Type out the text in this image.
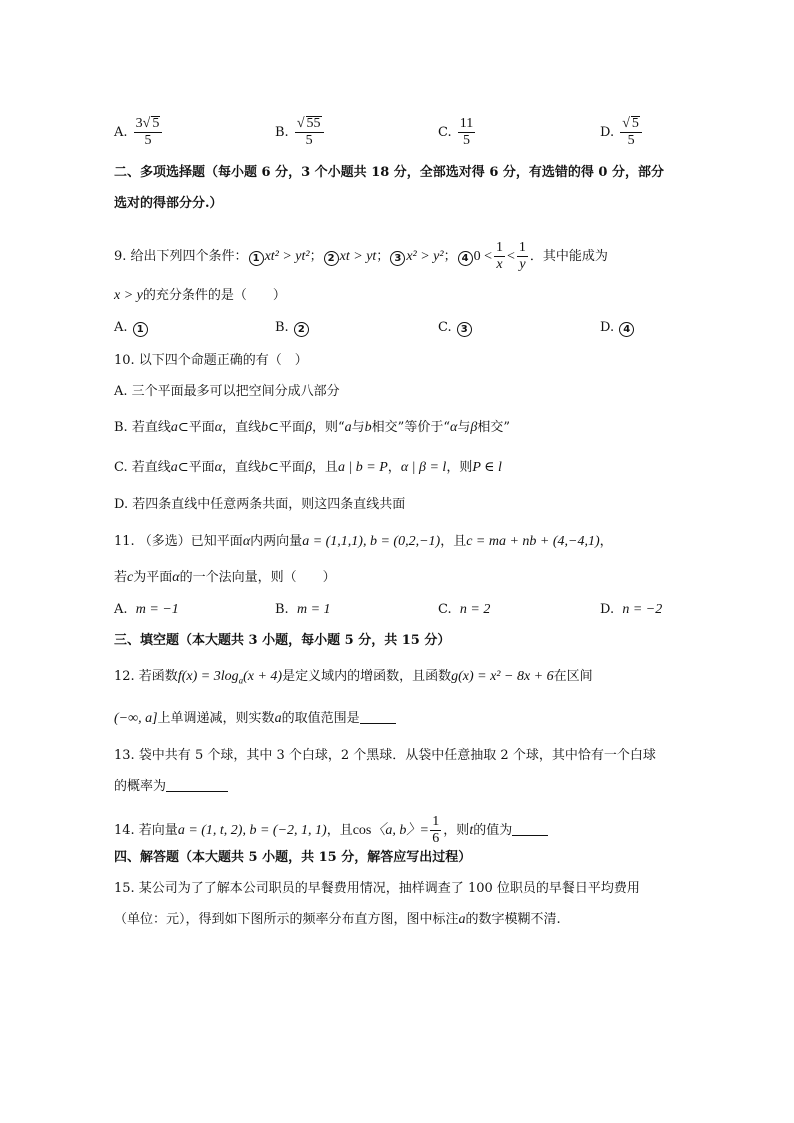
A. $\frac{3√ 5}{5}$	B. $\frac{√ 55}{5}$	C. $\frac{11}{5}$	D. $\frac{√ 5}{5}$
二、多项选择题（每小题 6 分，3 个小题共 18 分，全部选对得 6 分，有选错的得 0 分，部分
选对的得部分分.）
9. 给出下列四个条件： 1 xt² > yt²； 2 xt > yt； 3 x² > y²； 4 $0 < \frac{1}{x} < \frac{1}{y}$ ．其中能成为
x > y的充分条件的是（　　）
A. 1	B. 2	C. 3	D. 4
10. 以下四个命题正确的有（　）
A. 三个平面最多可以把空间分成八部分
B. 若直线a⊂平面α，直线b⊂平面β，则“a与b相交”等价于“α与β相交”
C. 若直线a⊂平面α，直线b⊂平面β，且a | b = P，α | β = l，则P ∈ l
D. 若四条直线中任意两条共面，则这四条直线共面
11. （多选）已知平面α内两向量a = (1,1,1), b = (0,2,−1)，且c = ma + nb + (4,−4,1)，
若c为平面α的一个法向量，则（　　）
A. m = −1	B. m = 1	C. n = 2	D. n = −2
三、填空题（本大题共 3 小题，每小题 5 分，共 15 分）
12. 若函数$f(x) = 3\log_a(x + 4)$是定义域内的增函数，且函数g(x) = x² − 8x + 6在区间
(−∞, a]上单调递减，则实数a的取值范围是
13. 袋中共有 5 个球，其中 3 个白球，2 个黑球．从袋中任意抽取 2 个球，其中恰有一个白球
的概率为
14. 若向量a = (1, t, 2), b = (−2, 1, 1)，且cos〈a, b〉= $\frac{1}{6}$ ，则t的值为
四、解答题（本大题共 5 小题，共 15 分，解答应写出过程）
15. 某公司为了了解本公司职员的早餐费用情况，抽样调查了 100 位职员的早餐日平均费用
（单位：元），得到如下图所示的频率分布直方图，图中标注a的数字模糊不清.
